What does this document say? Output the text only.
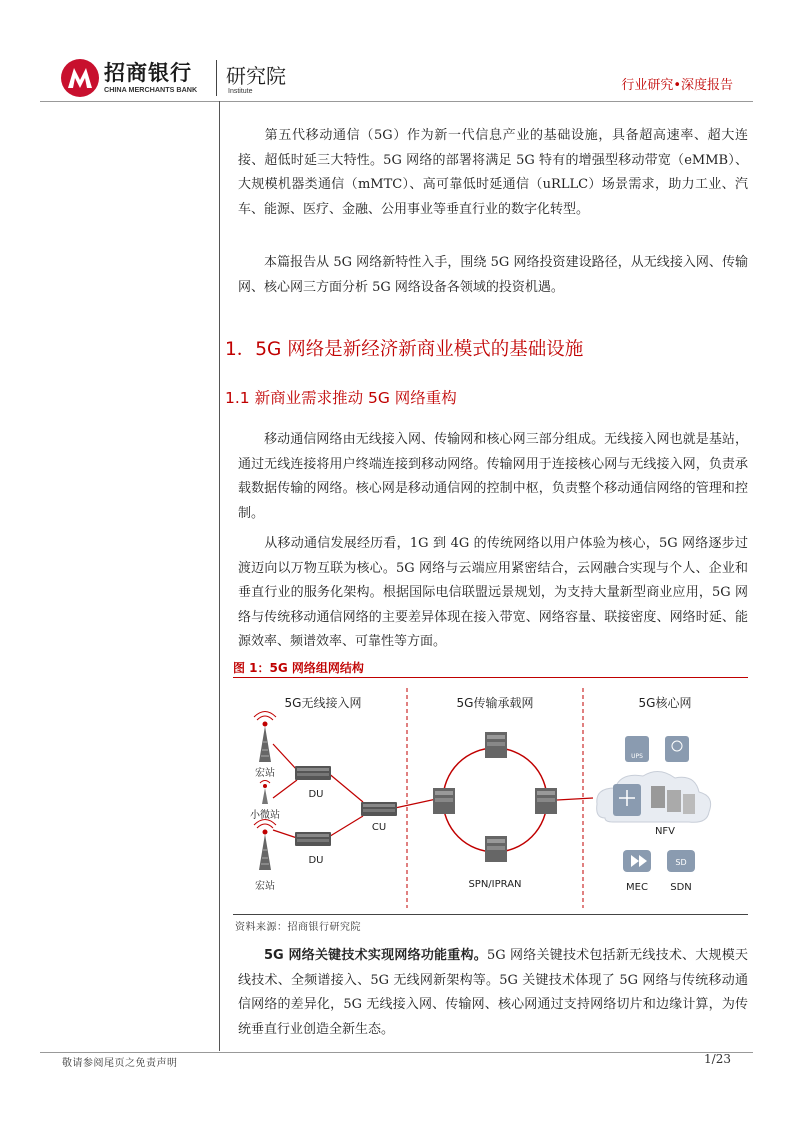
招商银行
CHINA MERCHANTS BANK
研究院
Institute	行业研究•深度报告

第五代移动通信（5G）作为新一代信息产业的基础设施，具备超高速率、超大连接、超低时延三大特性。5G 网络的部署将满足 5G 特有的增强型移动带宽（eMMB）、大规模机器类通信（mMTC）、高可靠低时延通信（uRLLC）场景需求，助力工业、汽车、能源、医疗、金融、公用事业等垂直行业的数字化转型。

本篇报告从 5G 网络新特性入手，围绕 5G 网络投资建设路径，从无线接入网、传输网、核心网三方面分析 5G 网络设备各领域的投资机遇。

1．5G 网络是新经济新商业模式的基础设施
1.1 新商业需求推动 5G 网络重构

移动通信网络由无线接入网、传输网和核心网三部分组成。无线接入网也就是基站，通过无线连接将用户终端连接到移动网络。传输网用于连接核心网与无线接入网，负责承载数据传输的网络。核心网是移动通信网的控制中枢，负责整个移动通信网络的管理和控制。

从移动通信发展经历看，1G 到 4G 的传统网络以用户体验为核心，5G 网络逐步过渡迈向以万物互联为核心。5G 网络与云端应用紧密结合，云网融合实现与个人、企业和垂直行业的服务化架构。根据国际电信联盟远景规划，为支持大量新型商业应用，5G 网络与传统移动通信网络的主要差异体现在接入带宽、网络容量、联接密度、网络时延、能源效率、频谱效率、可靠性等方面。

图 1：5G 网络组网结构
5G无线接入网	5G传输承载网	5G核心网
宏站
小微站
宏站
DU
DU
CU
SPN/IPRAN
UPS
NFV
MEC
SD
SDN
资料来源：招商银行研究院

5G 网络关键技术实现网络功能重构。5G 网络关键技术包括新无线技术、大规模天线技术、全频谱接入、5G 无线网新架构等。5G 关键技术体现了 5G 网络与传统移动通信网络的差异化，5G 无线接入网、传输网、核心网通过支持网络切片和边缘计算，为传统垂直行业创造全新生态。

敬请参阅尾页之免责声明	1/23
